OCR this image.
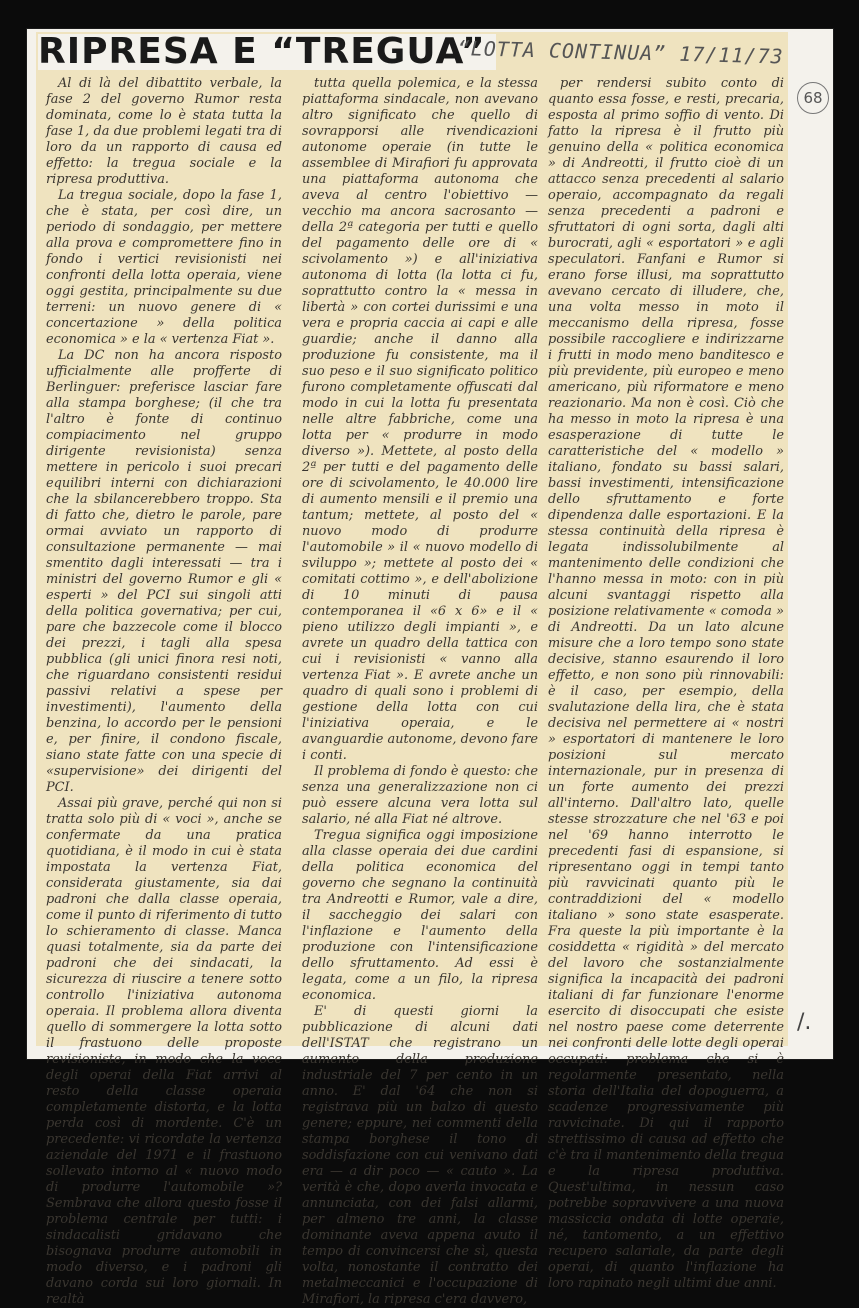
RIPRESA E “TREGUA”
“LOTTA CONTINUA” 17/11/73
68

Al di là del dibattito verbale, la fase 2 del governo Rumor resta dominata, come lo è stata tutta la fase 1, da due problemi legati tra di loro da un rapporto di causa ed effetto: la tregua sociale e la ripresa produttiva.

La tregua sociale, dopo la fase 1, che è stata, per così dire, un periodo di sondaggio, per mettere alla prova e compromettere fino in fondo i vertici revisionisti nei confronti della lotta operaia, viene oggi gestita, principalmente su due terreni: un nuovo genere di « concertazione » della politica economica » e la « vertenza Fiat ».

La DC non ha ancora risposto ufficialmente alle profferte di Berlinguer: preferisce lasciar fare alla stampa borghese; (il che tra l'altro è fonte di continuo compiacimento nel gruppo dirigente revisionista) senza mettere in pericolo i suoi precari equilibri interni con dichiarazioni che la sbilancerebbero troppo. Sta di fatto che, dietro le parole, pare ormai avviato un rapporto di consultazione permanente — mai smentito dagli interessati — tra i ministri del governo Rumor e gli « esperti » del PCI sui singoli atti della politica governativa; per cui, pare che bazzecole come il blocco dei prezzi, i tagli alla spesa pubblica (gli unici finora resi noti, che riguardano consistenti residui passivi relativi a spese per investimenti), l'aumento della benzina, lo accordo per le pensioni e, per finire, il condono fiscale, siano state fatte con una specie di «supervisione» dei dirigenti del PCI.

Assai più grave, perché qui non si tratta solo più di « voci », anche se confermate da una pratica quotidiana, è il modo in cui è stata impostata la vertenza Fiat, considerata giustamente, sia dai padroni che dalla classe operaia, come il punto di riferimento di tutto lo schieramento di classe. Manca quasi totalmente, sia da parte dei padroni che dei sindacati, la sicurezza di riuscire a tenere sotto controllo l'iniziativa autonoma operaia. Il problema allora diventa quello di sommergere la lotta sotto il frastuono delle proposte revisioniste, in modo che la voce degli operai della Fiat arrivi al resto della classe operaia completamente distorta, e la lotta perda così di mordente. C'è un precedente: vi ricordate la vertenza aziendale del 1971 e il frastuono sollevato intorno al « nuovo modo di produrre l'automobile »? Sembrava che allora questo fosse il problema centrale per tutti: i sindacalisti gridavano che bisognava produrre automobili in modo diverso, e i padroni gli davano corda sui loro giornali. In realtà

tutta quella polemica, e la stessa piattaforma sindacale, non avevano altro significato che quello di sovrapporsi alle rivendicazioni autonome operaie (in tutte le assemblee di Mirafiori fu approvata una piattaforma autonoma che aveva al centro l'obiettivo — vecchio ma ancora sacrosanto — della 2ª categoria per tutti e quello del pagamento delle ore di « scivolamento ») e all'iniziativa autonoma di lotta (la lotta ci fu, soprattutto contro la « messa in libertà » con cortei durissimi e una vera e propria caccia ai capi e alle guardie; anche il danno alla produzione fu consistente, ma il suo peso e il suo significato politico furono completamente offuscati dal modo in cui la lotta fu presentata nelle altre fabbriche, come una lotta per « produrre in modo diverso »). Mettete, al posto della 2ª per tutti e del pagamento delle ore di scivolamento, le 40.000 lire di aumento mensili e il premio una tantum; mettete, al posto del « nuovo modo di produrre l'automobile » il « nuovo modello di sviluppo »; mettete al posto dei « comitati cottimo », e dell'abolizione di 10 minuti di pausa contemporanea il «6 x 6» e il « pieno utilizzo degli impianti », e avrete un quadro della tattica con cui i revisionisti « vanno alla vertenza Fiat ». E avrete anche un quadro di quali sono i problemi di gestione della lotta con cui l'iniziativa operaia, e le avanguardie autonome, devono fare i conti.

Il problema di fondo è questo: che senza una generalizzazione non ci può essere alcuna vera lotta sul salario, né alla Fiat né altrove.

Tregua significa oggi imposizione alla classe operaia dei due cardini della politica economica del governo che segnano la continuità tra Andreotti e Rumor, vale a dire, il saccheggio dei salari con l'inflazione e l'aumento della produzione con l'intensificazione dello sfruttamento. Ad essi è legata, come a un filo, la ripresa economica.

E' di questi giorni la pubblicazione di alcuni dati dell'ISTAT che registrano un aumento della produzione industriale del 7 per cento in un anno. E' dal '64 che non si registrava più un balzo di questo genere; eppure, nei commenti della stampa borghese il tono di soddisfazione con cui venivano dati era — a dir poco — « cauto ». La verità è che, dopo averla invocata e annunciata, con dei falsi allarmi, per almeno tre anni, la classe dominante aveva appena avuto il tempo di convincersi che sì, questa volta, nonostante il contratto dei metalmeccanici e l'occupazione di Mirafiori, la ripresa c'era davvero,

per rendersi subito conto di quanto essa fosse, e resti, precaria, esposta al primo soffio di vento. Di fatto la ripresa è il frutto più genuino della « politica economica » di Andreotti, il frutto cioè di un attacco senza precedenti al salario operaio, accompagnato da regali senza precedenti a padroni e sfruttatori di ogni sorta, dagli alti burocrati, agli « esportatori » e agli speculatori. Fanfani e Rumor si erano forse illusi, ma soprattutto avevano cercato di illudere, che, una volta messo in moto il meccanismo della ripresa, fosse possibile raccogliere e indirizzarne i frutti in modo meno banditesco e più previdente, più europeo e meno americano, più riformatore e meno reazionario. Ma non è così. Ciò che ha messo in moto la ripresa è una esasperazione di tutte le caratteristiche del « modello » italiano, fondato su bassi salari, bassi investimenti, intensificazione dello sfruttamento e forte dipendenza dalle esportazioni. E la stessa continuità della ripresa è legata indissolubilmente al mantenimento delle condizioni che l'hanno messa in moto: con in più alcuni svantaggi rispetto alla posizione relativamente « comoda » di Andreotti. Da un lato alcune misure che a loro tempo sono state decisive, stanno esaurendo il loro effetto, e non sono più rinnovabili: è il caso, per esempio, della svalutazione della lira, che è stata decisiva nel permettere ai « nostri » esportatori di mantenere le loro posizioni sul mercato internazionale, pur in presenza di un forte aumento dei prezzi all'interno. Dall'altro lato, quelle stesse strozzature che nel '63 e poi nel '69 hanno interrotto le precedenti fasi di espansione, si ripresentano oggi in tempi tanto più ravvicinati quanto più le contraddizioni del « modello italiano » sono state esasperate. Fra queste la più importante è la cosiddetta « rigidità » del mercato del lavoro che sostanzialmente significa la incapacità dei padroni italiani di far funzionare l'enorme esercito di disoccupati che esiste nel nostro paese come deterrente nei confronti delle lotte degli operai occupati: problema che si è regolarmente presentato, nella storia dell'Italia del dopoguerra, a scadenze progressivamente più ravvicinate. Di qui il rapporto strettissimo di causa ad effetto che c'è tra il mantenimento della tregua e la ripresa produttiva. Quest'ultima, in nessun caso potrebbe sopravvivere a una nuova massiccia ondata di lotte operaie, né, tantomento, a un effettivo recupero salariale, da parte degli operai, di quanto l'inflazione ha loro rapinato negli ultimi due anni.

/.
